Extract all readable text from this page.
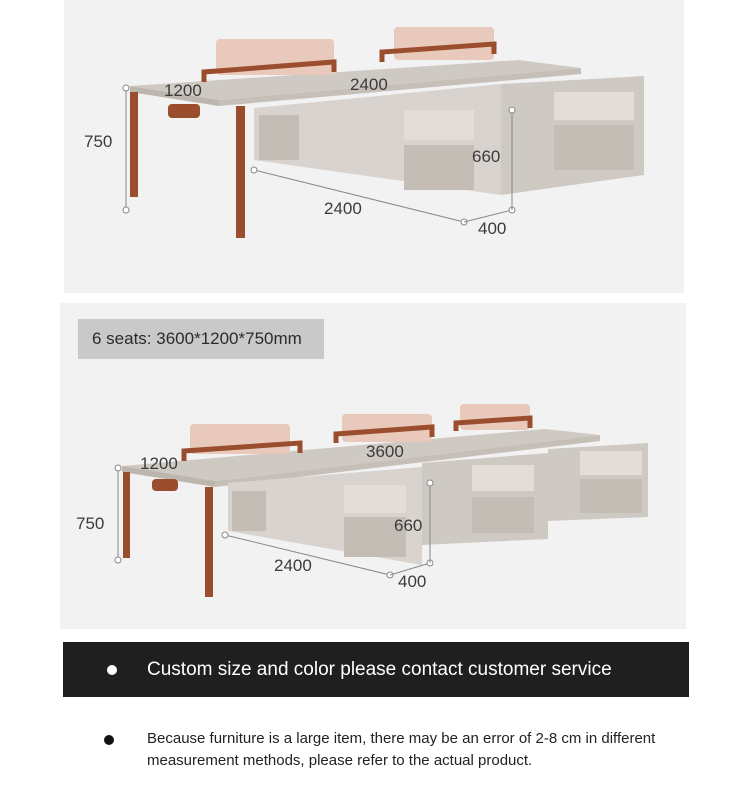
1200	2400
750
660
2400
400
1200
3600
750	660
2400
400
6 seats: 3600*1200*750mm
Custom size and color please contact customer service
Because furniture is a large item, there may be an error of 2-8 cm in different measurement methods, please refer to the actual product.
